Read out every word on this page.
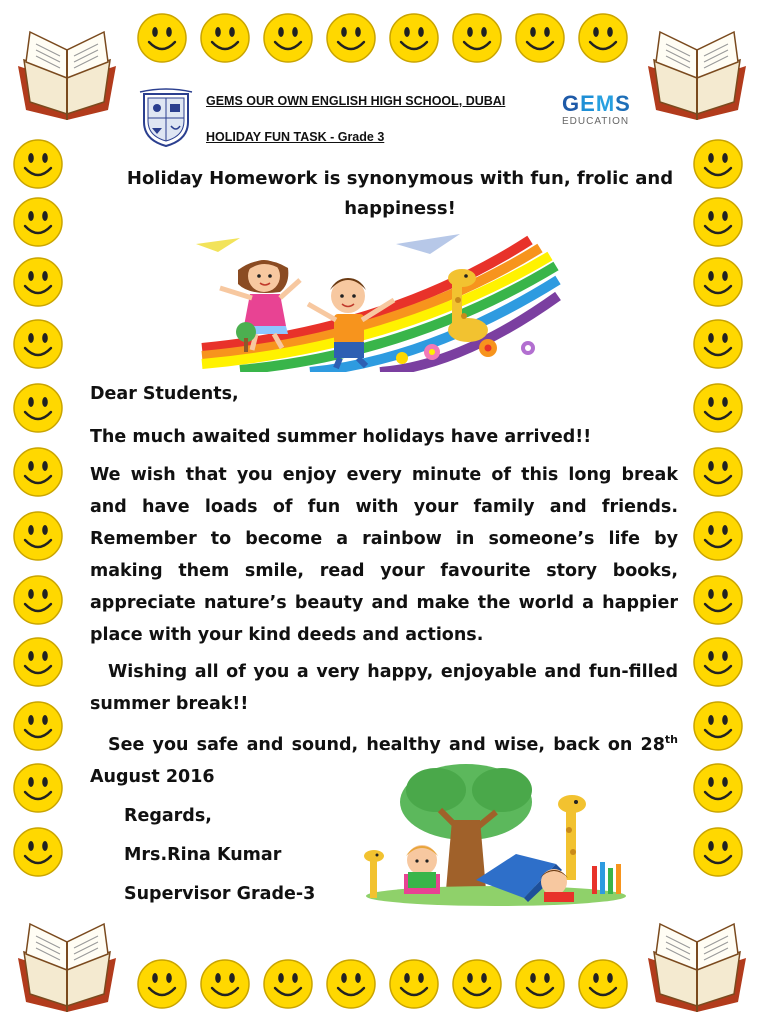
GEMS OUR OWN ENGLISH HIGH SCHOOL, DUBAI
HOLIDAY FUN TASK - Grade 3
GEMS
EDUCATION
Holiday Homework is synonymous with fun, frolic and happiness!
Dear Students,
The much awaited summer holidays have arrived!!
We wish that you enjoy every minute of this long break and have loads of fun with your family and friends. Remember to become a rainbow in someone’s life by making them smile, read your favourite story books, appreciate nature’s beauty and make the world a happier place with your kind deeds and actions.
Wishing all of you a very happy, enjoyable and fun-filled summer break!!
See you safe and sound, healthy and wise, back on 28th August 2016
Regards,
Mrs.Rina Kumar
Supervisor Grade-3
